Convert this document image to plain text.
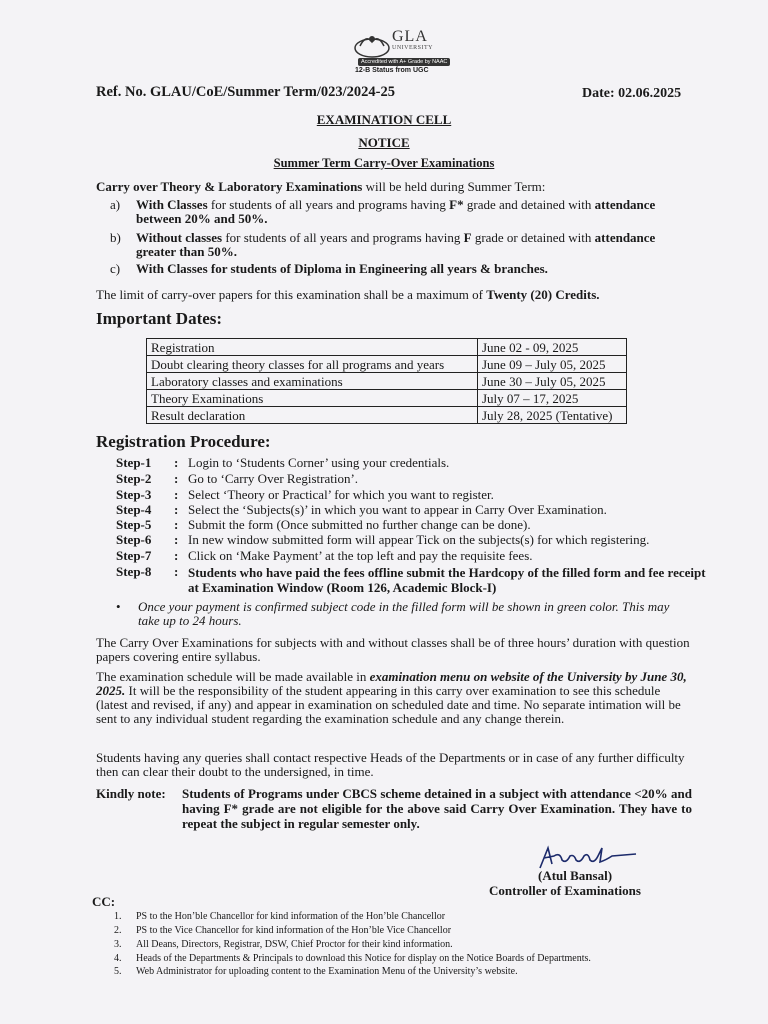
GLA
UNIVERSITY
Accredited with A+ Grade by NAAC
12-B Status from UGC
Ref. No. GLAU/CoE/Summer Term/023/2024-25	Date: 02.06.2025
EXAMINATION CELL
NOTICE
Summer Term Carry-Over Examinations
Carry over Theory & Laboratory Examinations will be held during Summer Term:
a) With Classes for students of all years and programs having F* grade and detained with attendance between 20% and 50%.
b) Without classes for students of all years and programs having F grade or detained with attendance greater than 50%.
c) With Classes for students of Diploma in Engineering all years & branches.
The limit of carry-over papers for this examination shall be a maximum of Twenty (20) Credits.
Important Dates:
Registration	June 02 - 09, 2025
Doubt clearing theory classes for all programs and years	June 09 – July 05, 2025
Laboratory classes and examinations	June 30 – July 05, 2025
Theory Examinations	July 07 – 17, 2025
Result declaration	July 28, 2025 (Tentative)
Registration Procedure:
Step-1	: Login to ‘Students Corner’ using your credentials.
Step-2	: Go to ‘Carry Over Registration’.
Step-3	: Select ‘Theory or Practical’ for which you want to register.
Step-4	: Select the ‘Subjects(s)’ in which you want to appear in Carry Over Examination.
Step-5	: Submit the form (Once submitted no further change can be done).
Step-6	: In new window submitted form will appear Tick on the subjects(s) for which registering.
Step-7	: Click on ‘Make Payment’ at the top left and pay the requisite fees.
Step-8	: Students who have paid the fees offline submit the Hardcopy of the filled form and fee receipt at Examination Window (Room 126, Academic Block-I)
• Once your payment is confirmed subject code in the filled form will be shown in green color. This may take up to 24 hours.
The Carry Over Examinations for subjects with and without classes shall be of three hours’ duration with question papers covering entire syllabus.
The examination schedule will be made available in examination menu on website of the University by June 30, 2025. It will be the responsibility of the student appearing in this carry over examination to see this schedule (latest and revised, if any) and appear in examination on scheduled date and time. No separate intimation will be sent to any individual student regarding the examination schedule and any change therein.
Students having any queries shall contact respective Heads of the Departments or in case of any further difficulty then can clear their doubt to the undersigned, in time.
Kindly note: Students of Programs under CBCS scheme detained in a subject with attendance <20% and having F* grade are not eligible for the above said Carry Over Examination. They have to repeat the subject in regular semester only.
(Atul Bansal)
Controller of Examinations
CC:
1. PS to the Hon’ble Chancellor for kind information of the Hon’ble Chancellor
2. PS to the Vice Chancellor for kind information of the Hon’ble Vice Chancellor
3. All Deans, Directors, Registrar, DSW, Chief Proctor for their kind information.
4. Heads of the Departments & Principals to download this Notice for display on the Notice Boards of Departments.
5. Web Administrator for uploading content to the Examination Menu of the University’s website.
